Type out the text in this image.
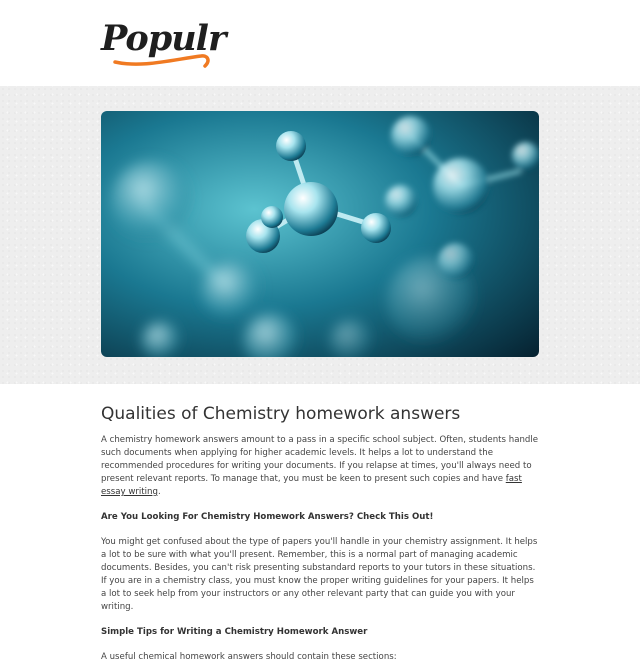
Populr
Qualities of Chemistry homework answers

A chemistry homework answers amount to a pass in a specific school subject. Often, students handle such documents when applying for higher academic levels. It helps a lot to understand the recommended procedures for writing your documents. If you relapse at times, you'll always need to present relevant reports. To manage that, you must be keen to present such copies and have fast essay writing.

Are You Looking For Chemistry Homework Answers? Check This Out!

You might get confused about the type of papers you'll handle in your chemistry assignment. It helps a lot to be sure with what you'll present. Remember, this is a normal part of managing academic documents. Besides, you can't risk presenting substandard reports to your tutors in these situations.

If you are in a chemistry class, you must know the proper writing guidelines for your papers. It helps a lot to seek help from your instructors or any other relevant party that can guide you with your writing.

Simple Tips for Writing a Chemistry Homework Answer

A useful chemical homework answers should contain these sections:
